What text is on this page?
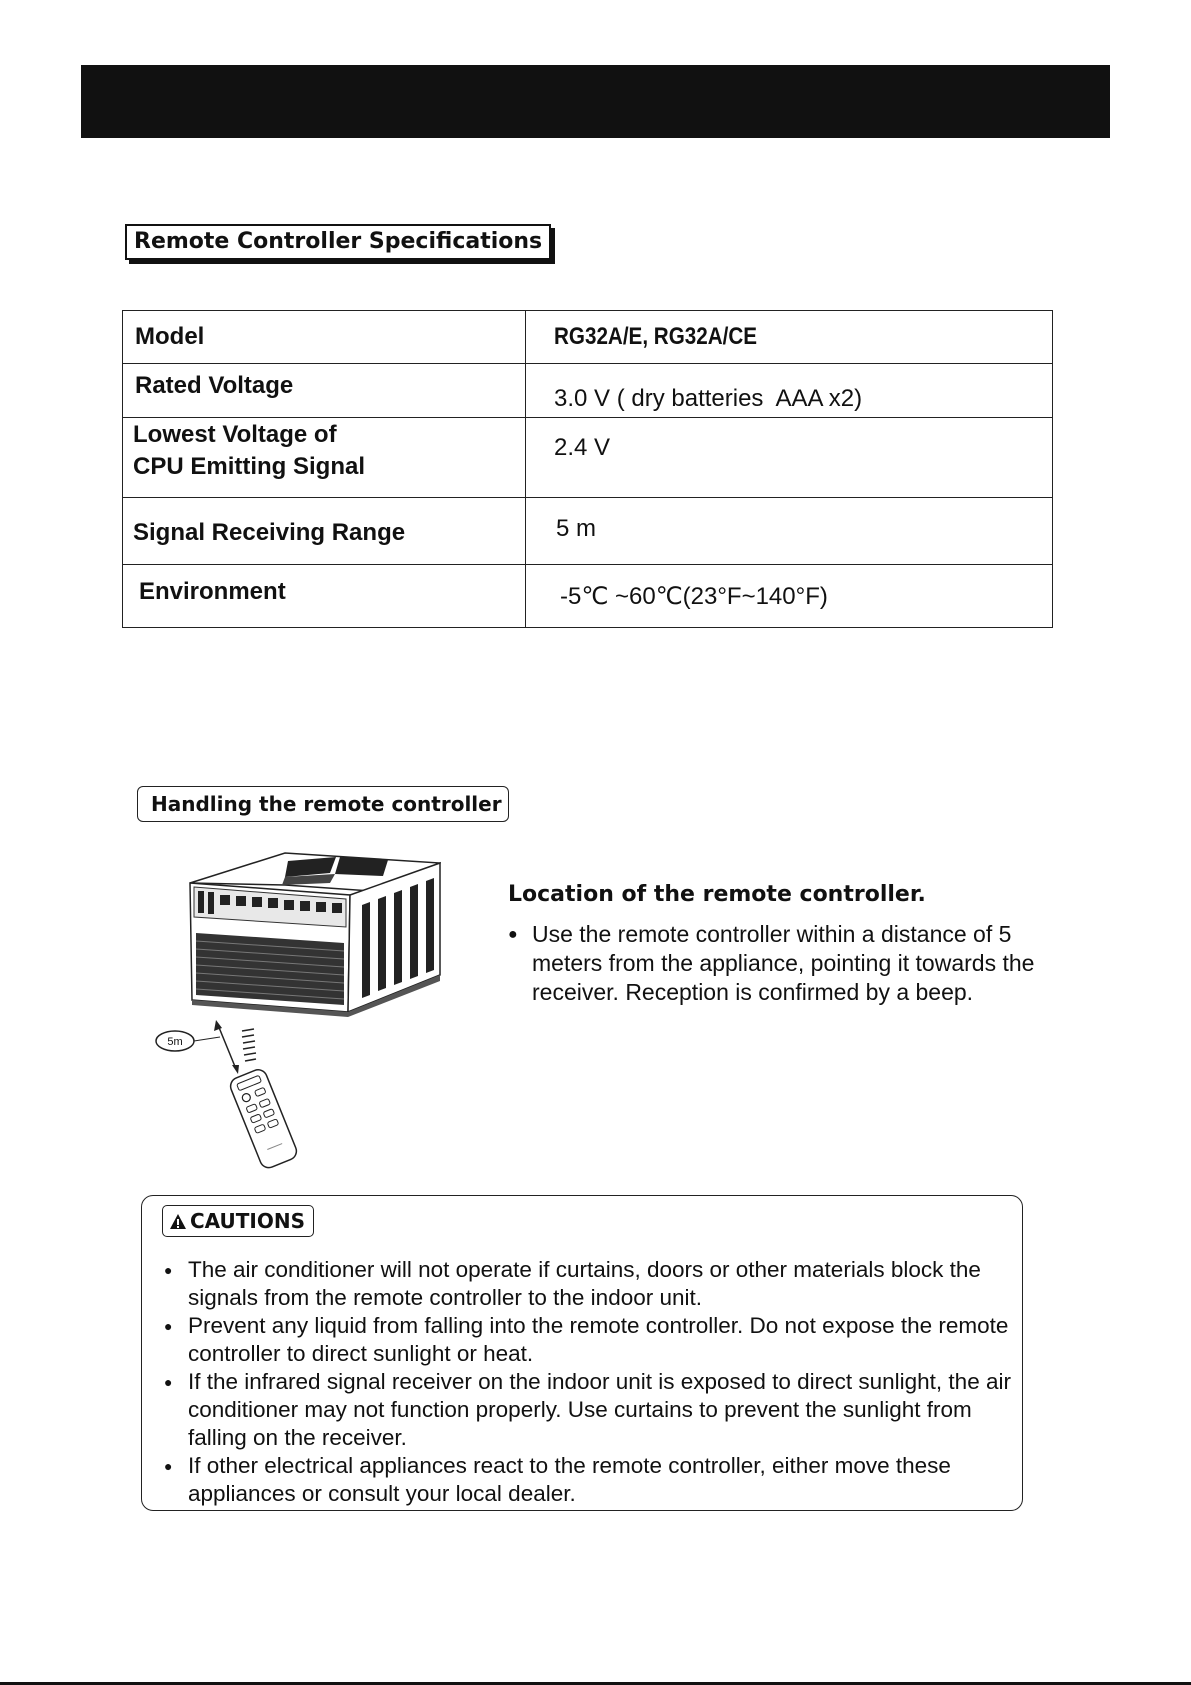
Remote Controller Specifications
Model	RG32A/E, RG32A/CE
Rated Voltage	3.0 V ( dry batteries  AAA x2)

Lowest Voltage of
CPU Emitting Signal	2.4 V
Signal Receiving Range	5 m
Environment	-5℃ ~60℃(23°F~140°F)
Handling the remote controller
5m
Location of the remote controller.
● Use the remote controller within a distance of 5 meters from the appliance, pointing it towards the receiver. Reception is confirmed by a beep.
CAUTIONS
● The air conditioner will not operate if curtains, doors or other materials block the signals from the remote controller to the indoor unit.
● Prevent any liquid from falling into the remote controller. Do not expose the remote controller to direct sunlight or heat.
● If the infrared signal receiver on the indoor unit is exposed to direct sunlight, the air conditioner may not function properly. Use curtains to prevent the sunlight from falling on the receiver.
● If other electrical appliances react to the remote controller, either move these appliances or consult your local dealer.
